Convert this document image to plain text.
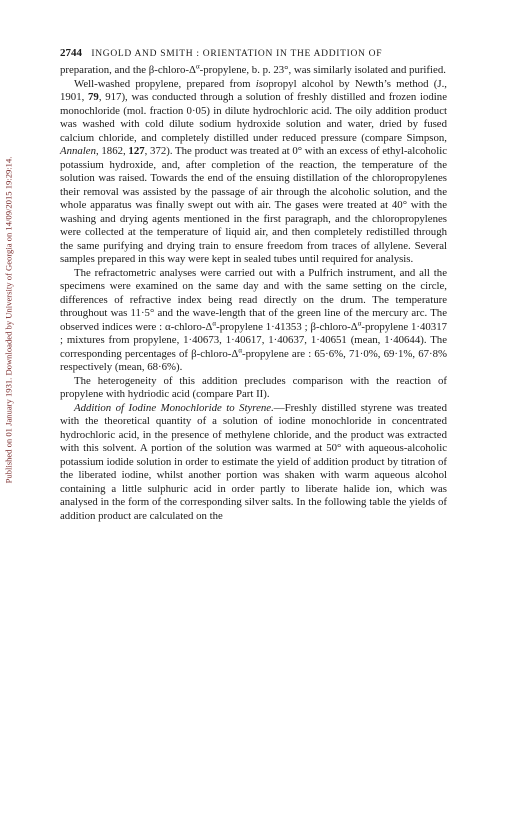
Published on 01 January 1931. Downloaded by University of Georgia on 14/09/2015 19:29:14.
2744 INGOLD AND SMITH : ORIENTATION IN THE ADDITION OF

preparation, and the $\beta-chloro-\Delta^\alpha$-propylene, b. p. 23°, was similarly isolated and purified.

Well-washed propylene, prepared from isopropyl alcohol by Newth’s method (J., 1901, 79, 917), was conducted through a solution of freshly distilled and frozen iodine monochloride (mol. fraction 0·05) in dilute hydrochloric acid. The oily addition product was washed with cold dilute sodium hydroxide solution and water, dried by fused calcium chloride, and completely distilled under reduced pressure (compare Simpson, Annalen, 1862, 127, 372). The product was treated at 0° with an excess of ethyl-alcoholic potassium hydroxide, and, after completion of the reaction, the temperature of the solution was raised. Towards the end of the ensuing distillation of the chloropropylenes their removal was assisted by the passage of air through the alcoholic solution, and the whole apparatus was finally swept out with air. The gases were treated at 40° with the washing and drying agents mentioned in the first paragraph, and the chloropropylenes were collected at the temperature of liquid air, and then completely redistilled through the same purifying and drying train to ensure freedom from traces of allylene. Several samples prepared in this way were kept in sealed tubes until required for analysis.

The refractometric analyses were carried out with a Pulfrich instrument, and all the specimens were examined on the same day and with the same setting on the circle, differences of refractive index being read directly on the drum. The temperature throughout was 11·5° and the wave-length that of the green line of the mercury arc. The observed indices were : $\alpha-chloro-\Delta^\alpha$-propylene 1·41353 ; $\beta-chloro-\Delta^\alpha$-propylene 1·40317 ; mixtures from propylene, 1·40673, 1·40617, 1·40637, 1·40651 (mean, 1·40644). The corresponding percentages of $\beta-chloro-\Delta^\alpha$-propylene are : 65·6%, 71·0%, 69·1%, 67·8% respectively (mean, 68·6%).

The heterogeneity of this addition precludes comparison with the reaction of propylene with hydriodic acid (compare Part II).

Addition of Iodine Monochloride to Styrene.—Freshly distilled styrene was treated with the theoretical quantity of a solution of iodine monochloride in concentrated hydrochloric acid, in the presence of methylene chloride, and the product was extracted with this solvent. A portion of the solution was warmed at 50° with aqueous-alcoholic potassium iodide solution in order to estimate the yield of addition product by titration of the liberated iodine, whilst another portion was shaken with warm aqueous alcohol containing a little sulphuric acid in order partly to liberate halide ion, which was analysed in the form of the corresponding silver salts. In the following table the yields of addition product are calculated on the
